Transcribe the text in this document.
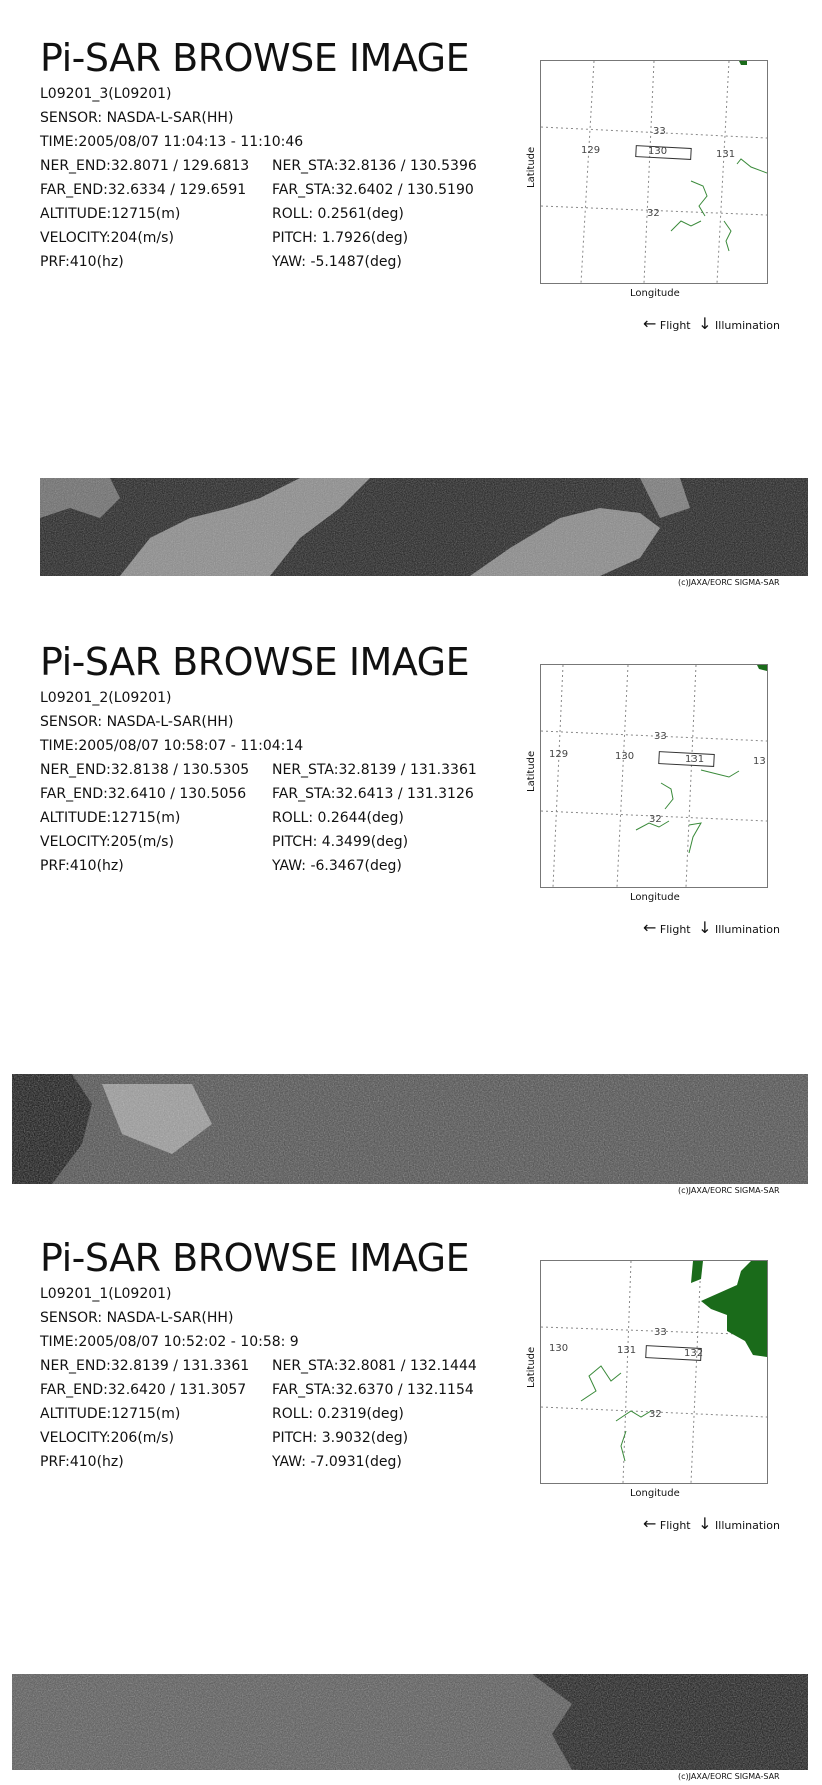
Pi-SAR BROWSE IMAGE
L09201_3(L09201)
SENSOR: NASDA-L-SAR(HH)
TIME:2005/08/07 11:04:13 - 11:10:46
NER_END:32.8071 / 129.6813 NER_STA:32.8136 / 130.5396
FAR_END:32.6334 / 129.6591 FAR_STA:32.6402 / 130.5190
ALTITUDE:12715(m)	ROLL: 0.2561(deg)
VELOCITY:204(m/s)	PITCH: 1.7926(deg)
PRF:410(hz)	YAW: -5.1487(deg)
33
32
129	130	131
Latitude
Longitude
← Flight ↓ Illumination
(c)JAXA/EORC SIGMA-SAR
Pi-SAR BROWSE IMAGE
L09201_2(L09201)
SENSOR: NASDA-L-SAR(HH)
TIME:2005/08/07 10:58:07 - 11:04:14
NER_END:32.8138 / 130.5305 NER_STA:32.8139 / 131.3361
FAR_END:32.6410 / 130.5056 FAR_STA:32.6413 / 131.3126
ALTITUDE:12715(m)	ROLL: 0.2644(deg)
VELOCITY:205(m/s)	PITCH: 4.3499(deg)
PRF:410(hz)	YAW: -6.3467(deg)
33
32
129	130	131	13
Latitude
Longitude
← Flight ↓ Illumination
(c)JAXA/EORC SIGMA-SAR
Pi-SAR BROWSE IMAGE
L09201_1(L09201)
SENSOR: NASDA-L-SAR(HH)
TIME:2005/08/07 10:52:02 - 10:58: 9
NER_END:32.8139 / 131.3361 NER_STA:32.8081 / 132.1444
FAR_END:32.6420 / 131.3057 FAR_STA:32.6370 / 132.1154
ALTITUDE:12715(m)	ROLL: 0.2319(deg)
VELOCITY:206(m/s)	PITCH: 3.9032(deg)
PRF:410(hz)	YAW: -7.0931(deg)
33
32
130	131	132
Latitude
Longitude
← Flight ↓ Illumination
(c)JAXA/EORC SIGMA-SAR
